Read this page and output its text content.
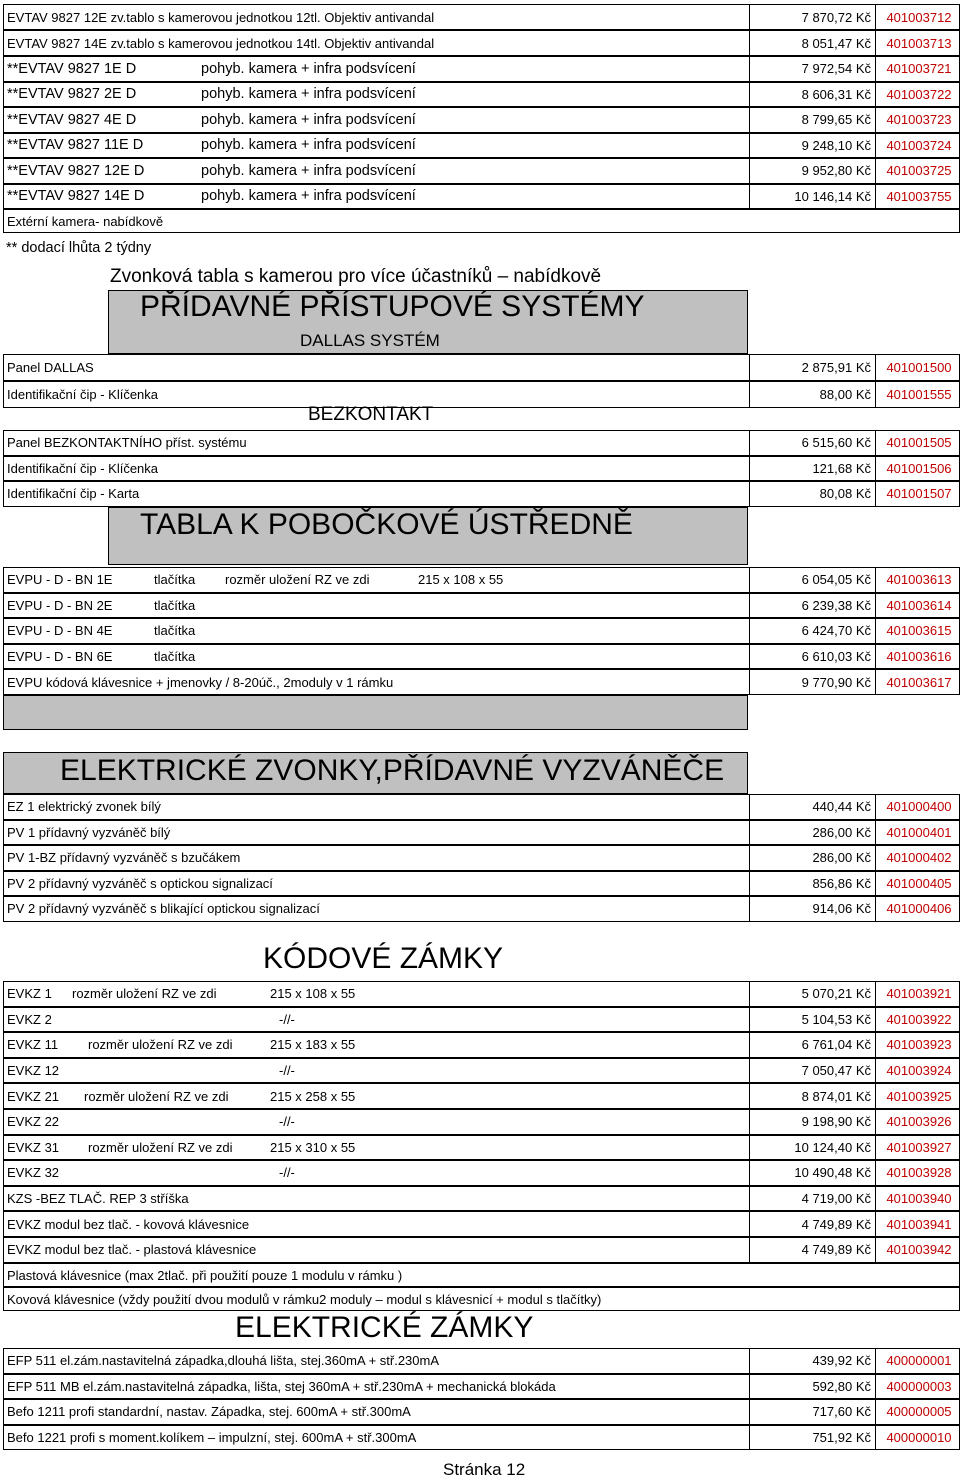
EVTAV 9827 12E zv.tablo s kamerovou jednotkou 12tl. Objektiv antivandal	7 870,72 Kč	401003712
EVTAV 9827 14E zv.tablo s kamerovou jednotkou 14tl. Objektiv antivandal	8 051,47 Kč	401003713
**EVTAV 9827 1E D	pohyb. kamera + infra podsvícení	7 972,54 Kč	401003721
**EVTAV 9827 2E D	pohyb. kamera + infra podsvícení	8 606,31 Kč	401003722
**EVTAV 9827 4E D	pohyb. kamera + infra podsvícení	8 799,65 Kč	401003723
**EVTAV 9827 11E D	pohyb. kamera + infra podsvícení	9 248,10 Kč	401003724
**EVTAV 9827 12E D	pohyb. kamera + infra podsvícení	9 952,80 Kč	401003725
**EVTAV 9827 14E D	pohyb. kamera + infra podsvícení	10 146,14 Kč	401003755
Extérní kamera- nabídkově
** dodací lhůta 2 týdny
Zvonková tabla s kamerou pro více účastníků – nabídkově
PŘÍDAVNÉ PŘÍSTUPOVÉ SYSTÉMY
DALLAS SYSTÉM
Panel DALLAS	2 875,91 Kč	401001500
Identifikační čip - Klíčenka	88,00 Kč	401001555
BEZKONTAKT
Panel BEZKONTAKTNÍHO příst. systému	6 515,60 Kč	401001505
Identifikační čip - Klíčenka	121,68 Kč	401001506
Identifikační čip - Karta	80,08 Kč	401001507
TABLA K POBOČKOVÉ ÚSTŘEDNĚ
EVPU - D - BN 1E	tlačítka rozměr uložení RZ ve zdi	215 x 108 x 55	6 054,05 Kč	401003613
EVPU - D - BN 2E	tlačítka	6 239,38 Kč	401003614
EVPU - D - BN 4E	tlačítka	6 424,70 Kč	401003615
EVPU - D - BN 6E	tlačítka	6 610,03 Kč	401003616
EVPU kódová klávesnice + jmenovky / 8-20úč., 2moduly v 1 rámku	9 770,90 Kč	401003617
ELEKTRICKÉ ZVONKY,PŘÍDAVNÉ VYZVÁNĚČE
EZ 1 elektrický zvonek bílý	440,44 Kč	401000400
PV 1 přídavný vyzváněč bílý	286,00 Kč	401000401
PV 1-BZ přídavný vyzváněč s bzučákem	286,00 Kč	401000402
PV 2 přídavný vyzváněč s optickou signalizací	856,86 Kč	401000405
PV 2 přídavný vyzváněč s blikající optickou signalizací	914,06 Kč	401000406
KÓDOVÉ ZÁMKY
EVKZ 1 rozměr uložení RZ ve zdi	215 x 108 x 55	5 070,21 Kč	401003921
EVKZ 2	-//-	5 104,53 Kč	401003922
EVKZ 11 rozměr uložení RZ ve zdi	215 x 183 x 55	6 761,04 Kč	401003923
EVKZ 12	-//-	7 050,47 Kč	401003924
EVKZ 21 rozměr uložení RZ ve zdi	215 x 258 x 55	8 874,01 Kč	401003925
EVKZ 22	-//-	9 198,90 Kč	401003926
EVKZ 31 rozměr uložení RZ ve zdi	215 x 310 x 55	10 124,40 Kč	401003927
EVKZ 32	-//-	10 490,48 Kč	401003928
KZS -BEZ TLAČ. REP 3 stříška	4 719,00 Kč	401003940
EVKZ modul bez tlač. - kovová klávesnice	4 749,89 Kč	401003941
EVKZ modul bez tlač. - plastová klávesnice	4 749,89 Kč	401003942
Plastová klávesnice (max 2tlač. při použití pouze 1 modulu v rámku )
Kovová klávesnice (vždy použití dvou modulů v rámku2 moduly – modul s klávesnicí + modul s tlačítky)
ELEKTRICKÉ ZÁMKY
EFP 511 el.zám.nastavitelná západka,dlouhá lišta, stej.360mA + stř.230mA	439,92 Kč	400000001
EFP 511 MB el.zám.nastavitelná západka, lišta, stej 360mA + stř.230mA + mechanická blokáda	592,80 Kč	400000003
Befo 1211 profi standardní, nastav. Západka, stej. 600mA + stř.300mA	717,60 Kč	400000005
Befo 1221 profi s moment.kolíkem – impulzní, stej. 600mA + stř.300mA	751,92 Kč	400000010
Stránka 12
